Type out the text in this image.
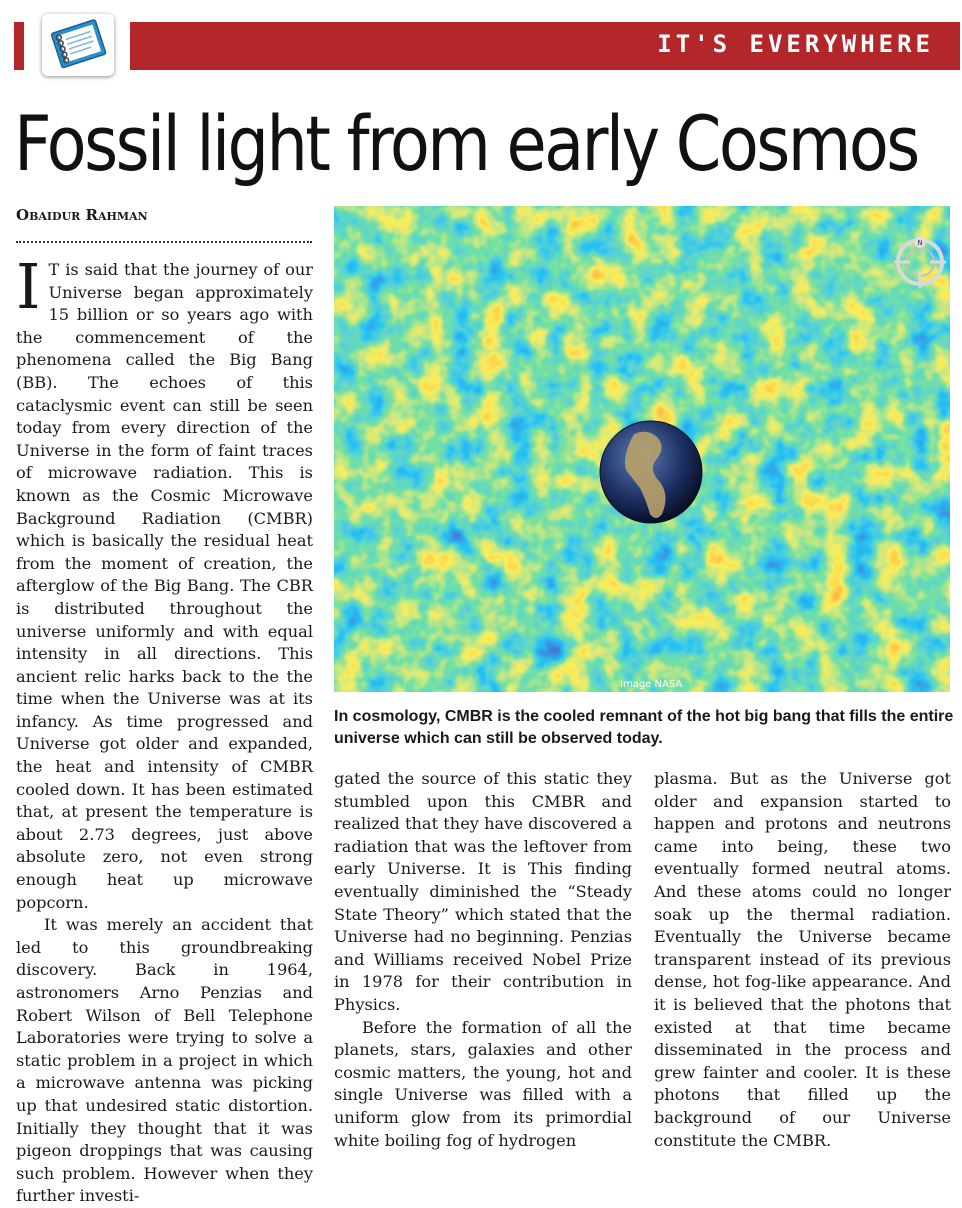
IT'S EVERYWHERE
Fossil light from early Cosmos
Obaidur Rahman

I T is said that the journey of our Universe began approximately 15 billion or so years ago with the commencement of the phenomena called the Big Bang (BB). The echoes of this cataclysmic event can still be seen today from every direction of the Universe in the form of faint traces of microwave radiation. This is known as the Cosmic Microwave Background Radiation (CMBR) which is basically the residual heat from the moment of creation, the afterglow of the Big Bang. The CBR is distributed throughout the universe uniformly and with equal intensity in all directions. This ancient relic harks back to the the time when the Universe was at its infancy. As time progressed and Universe got older and expanded, the heat and intensity of CMBR cooled down. It has been estimated that, at present the temperature is about 2.73 degrees, just above absolute zero, not even strong enough heat up microwave popcorn.

It was merely an accident that led to this groundbreaking discovery. Back in 1964, astronomers Arno Penzias and Robert Wilson of Bell Telephone Laboratories were trying to solve a static problem in a project in which a microwave antenna was picking up that undesired static distortion. Initially they thought that it was pigeon droppings that was causing such problem. However when they further investi-

N
Image NASA
In cosmology, CMBR is the cooled remnant of the hot big bang that fills the entire universe which can still be observed today.

gated the source of this static they stumbled upon this CMBR and realized that they have discovered a radiation that was the leftover from early Universe. It is This finding eventually diminished the “Steady State Theory” which stated that the Universe had no beginning. Penzias and Williams received Nobel Prize in 1978 for their contribution in Physics.

Before the formation of all the planets, stars, galaxies and other cosmic matters, the young, hot and single Universe was filled with a uniform glow from its primordial white boiling fog of hydrogen

plasma. But as the Universe got older and expansion started to happen and protons and neutrons came into being, these two eventually formed neutral atoms. And these atoms could no longer soak up the thermal radiation. Eventually the Universe became transparent instead of its previous dense, hot fog-like appearance. And it is believed that the photons that existed at that time became disseminated in the process and grew fainter and cooler. It is these photons that filled up the background of our Universe constitute the CMBR.
